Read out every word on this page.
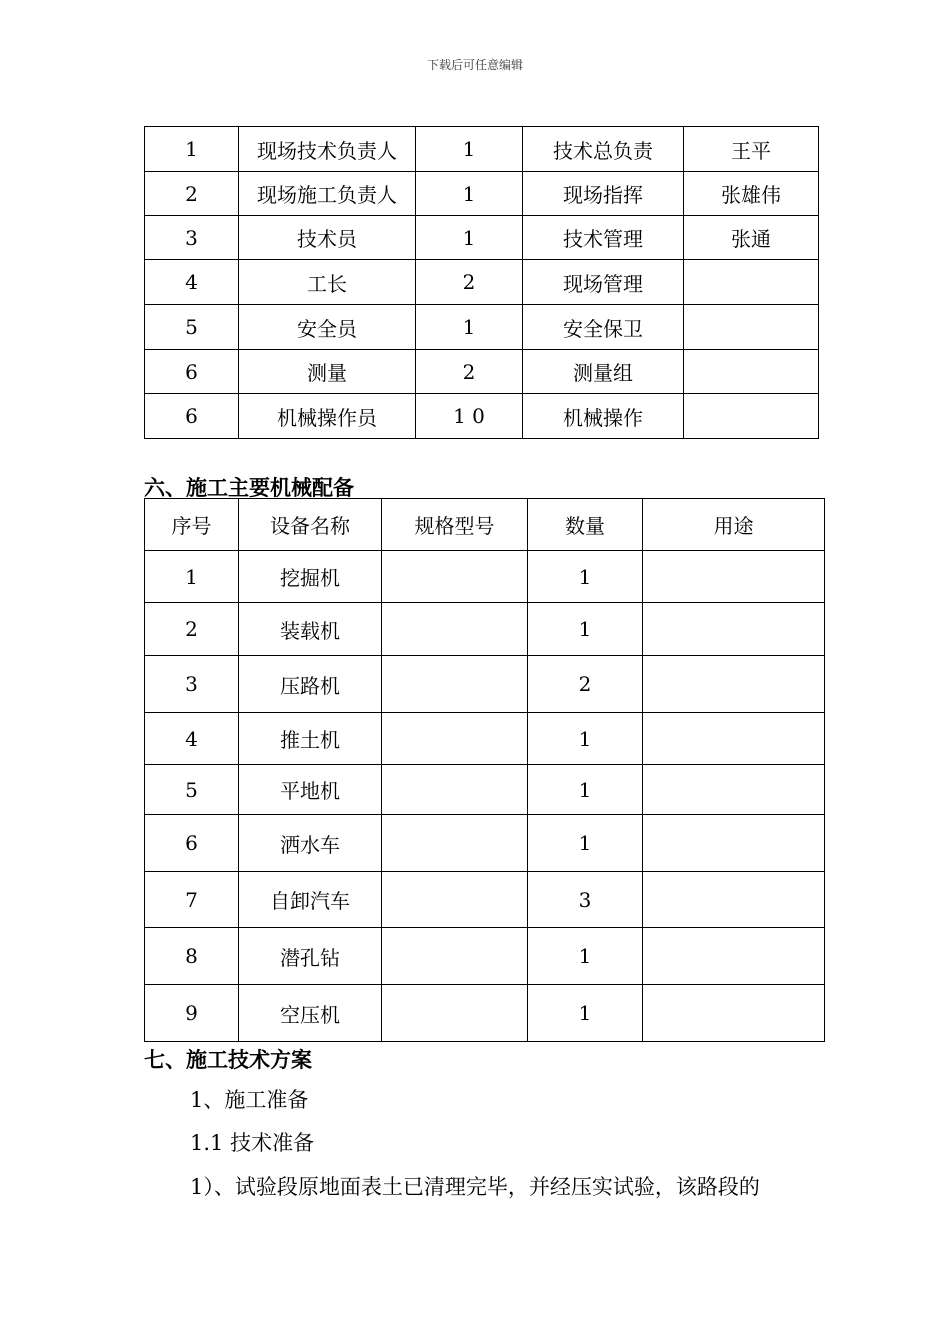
下载后可任意编辑
1	现场技术负责人	1	技术总负责	王平
2	现场施工负责人	1	现场指挥	张雄伟
3	技术员	1	技术管理	张通
4	工长	2	现场管理	
5	安全员	1	安全保卫	
6	测量	2	测量组	
6	机械操作员	1 0	机械操作	
六、施工主要机械配备
序号	设备名称	规格型号	数量	用途
1	挖掘机		1	
2	装载机		1	
3	压路机		2	
4	推土机		1	
5	平地机		1	
6	洒水车		1	
7	自卸汽车		3	
8	潜孔钻		1	
9	空压机		1	
七、施工技术方案
1、施工准备
1.1 技术准备
1）、试验段原地面表土已清理完毕，并经压实试验，该路段的
